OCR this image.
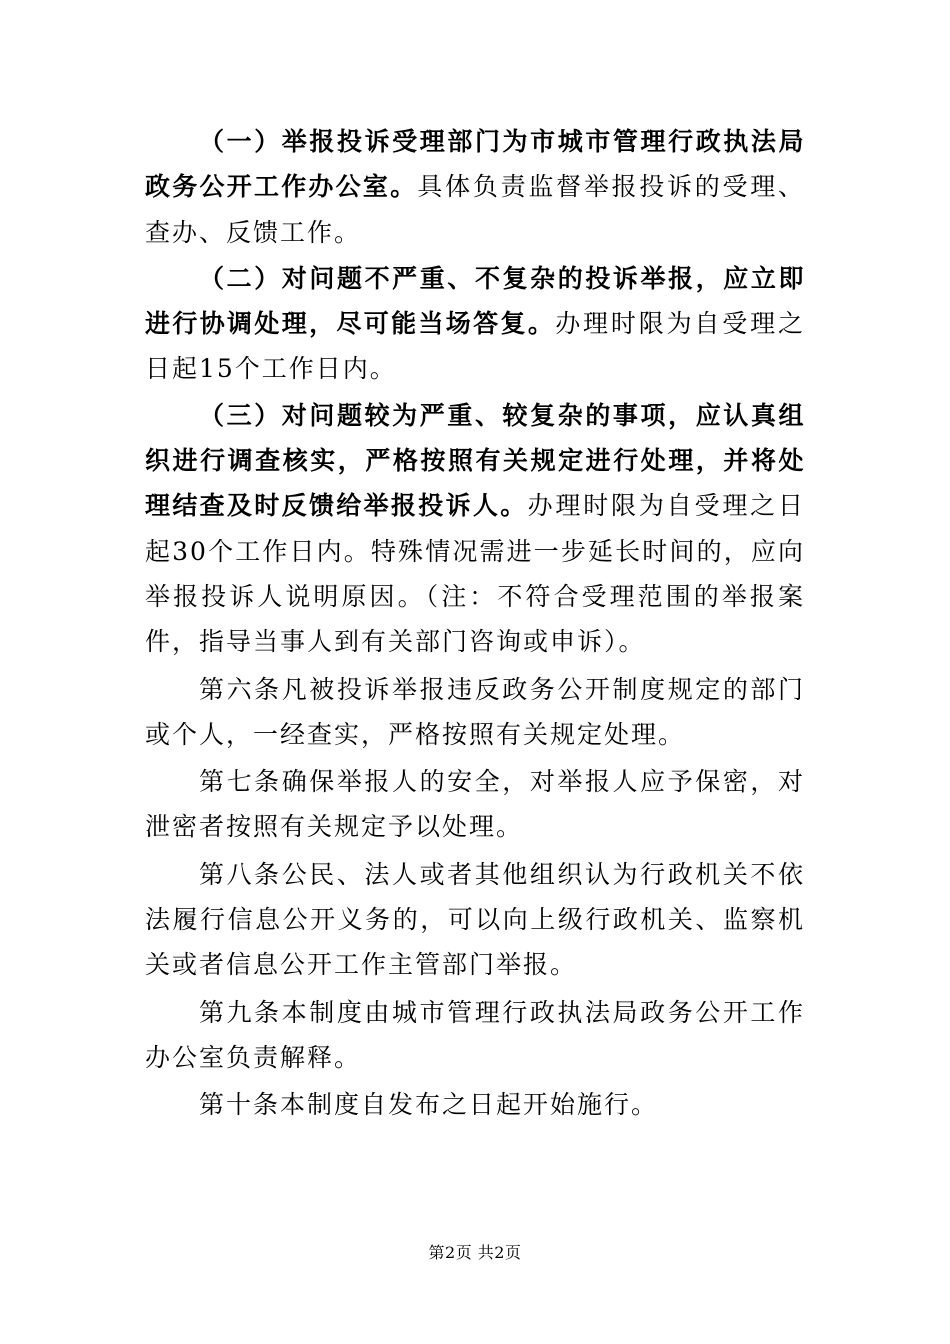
（一）举报投诉受理部门为市城市管理行政执法局政务公开工作办公室。具体负责监督举报投诉的受理、查办、反馈工作。

（二）对问题不严重、不复杂的投诉举报，应立即进行协调处理，尽可能当场答复。办理时限为自受理之日起15个工作日内。

（三）对问题较为严重、较复杂的事项，应认真组织进行调查核实，严格按照有关规定进行处理，并将处理结查及时反馈给举报投诉人。办理时限为自受理之日起30个工作日内。特殊情况需进一步延长时间的，应向举报投诉人说明原因。（注：不符合受理范围的举报案件，指导当事人到有关部门咨询或申诉）。

第六条凡被投诉举报违反政务公开制度规定的部门或个人，一经查实，严格按照有关规定处理。

第七条确保举报人的安全，对举报人应予保密，对泄密者按照有关规定予以处理。

第八条公民、法人或者其他组织认为行政机关不依法履行信息公开义务的，可以向上级行政机关、监察机关或者信息公开工作主管部门举报。

第九条本制度由城市管理行政执法局政务公开工作办公室负责解释。

第十条本制度自发布之日起开始施行。

第2页 共2页
